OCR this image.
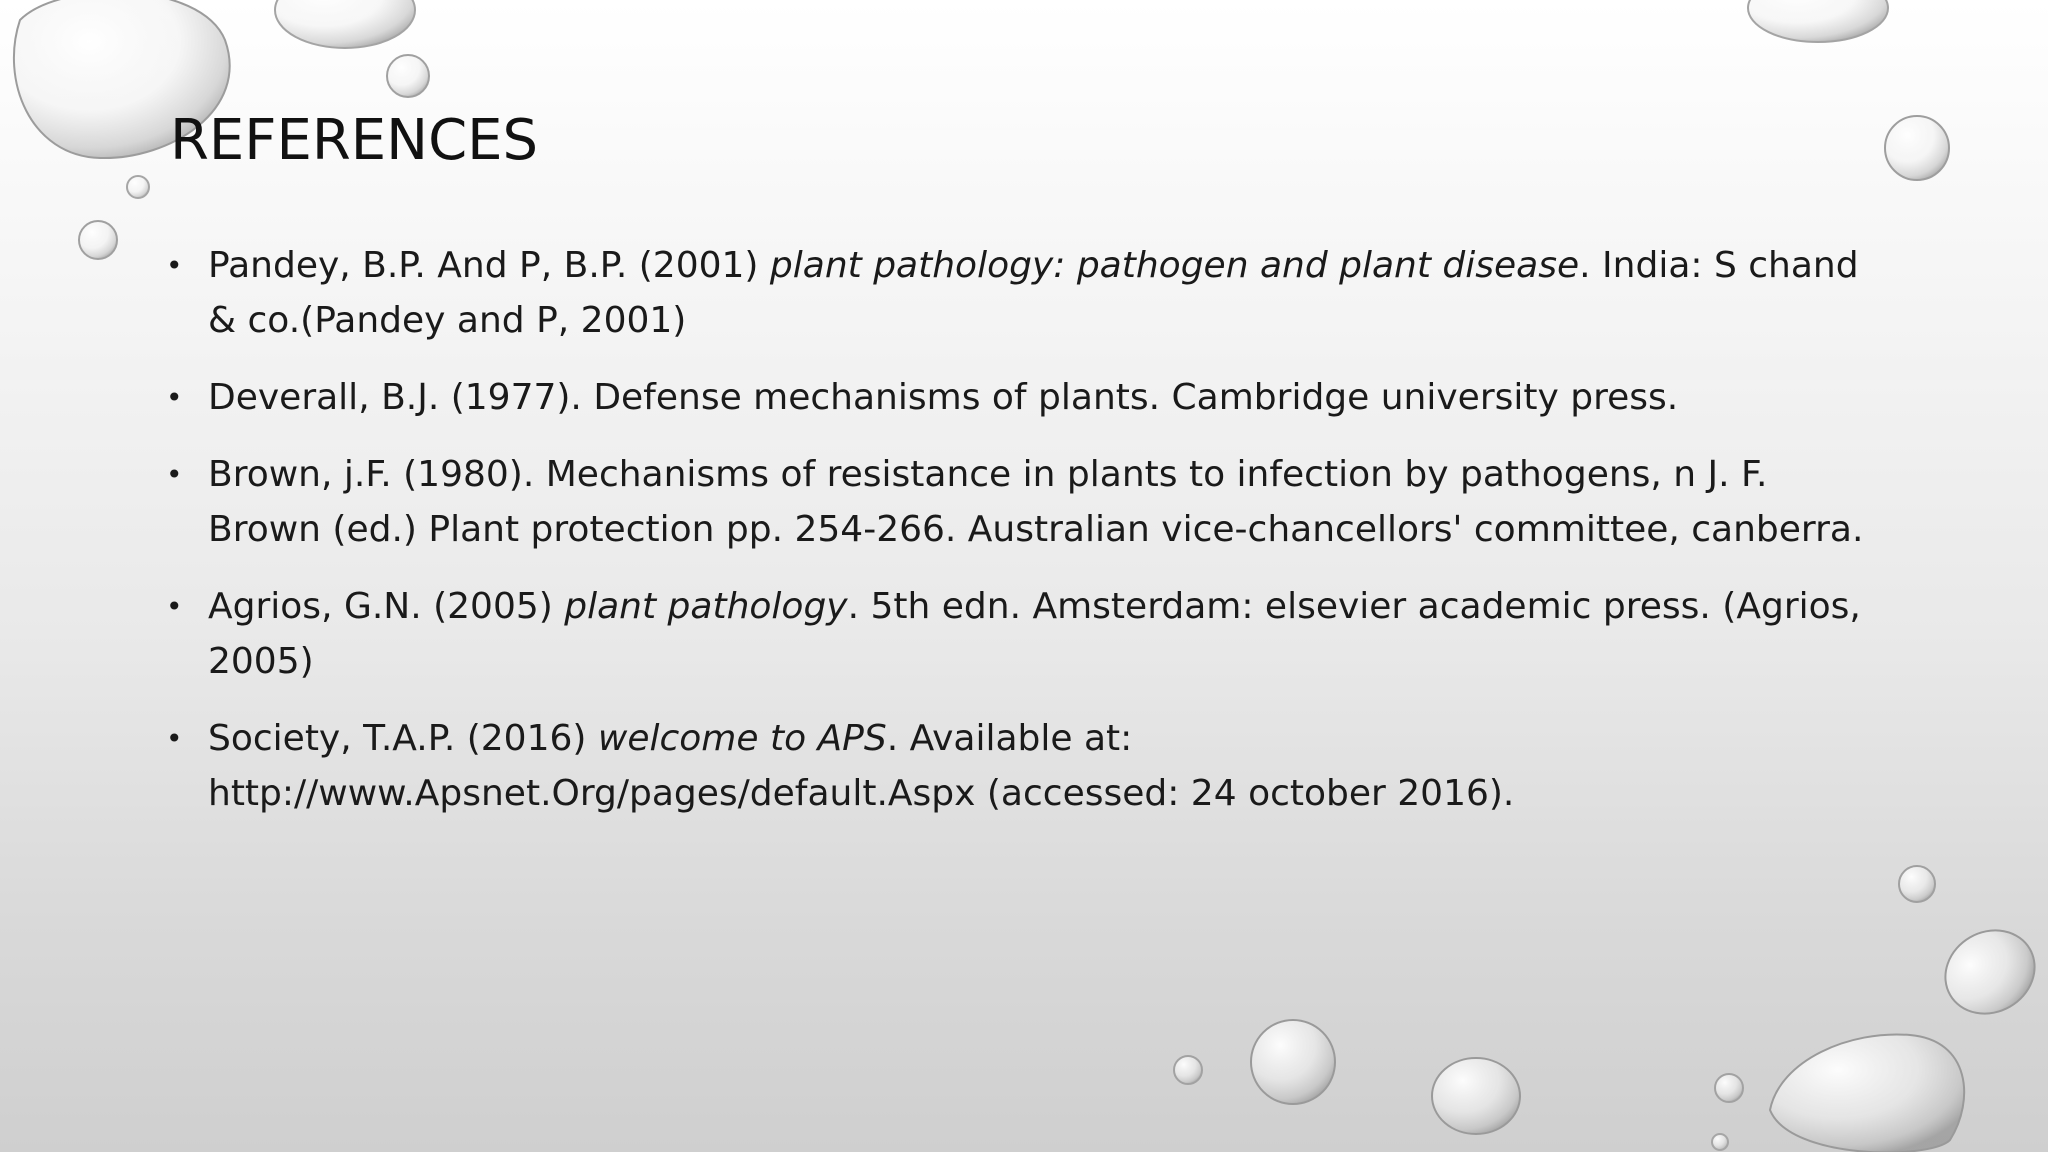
REFERENCES
• Pandey, B.P. And P, B.P. (2001) plant pathology: pathogen and plant disease. India: S chand & co.(Pandey and P, 2001)
• Deverall, B.J. (1977). Defense mechanisms of plants. Cambridge university press.
• Brown, j.F. (1980). Mechanisms of resistance in plants to infection by pathogens, n J. F. Brown (ed.) Plant protection pp. 254-266. Australian vice-chancellors' committee, canberra.
• Agrios, G.N. (2005) plant pathology. 5th edn. Amsterdam: elsevier academic press. (Agrios, 2005)
• Society, T.A.P. (2016) welcome to APS. Available at: http://www.Apsnet.Org/pages/default.Aspx (accessed: 24 october 2016).
